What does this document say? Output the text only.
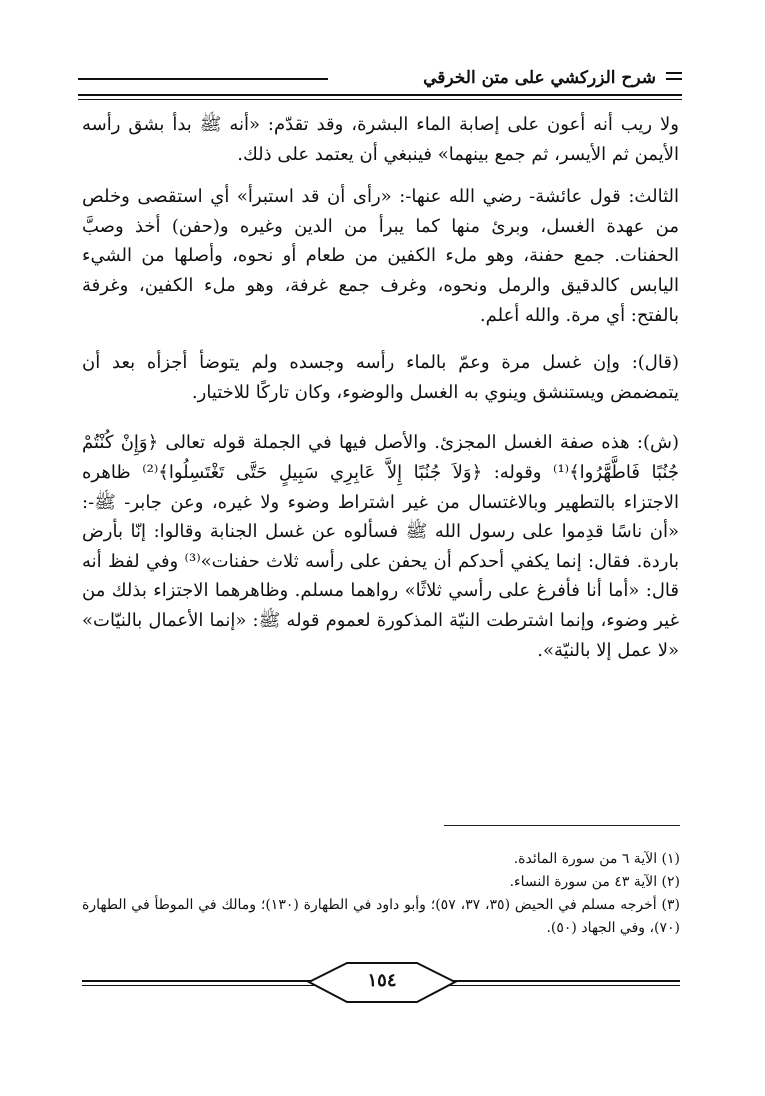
شرح الزركشي على متن الخرقي

ولا ريب أنه أعون على إصابة الماء البشرة، وقد تقدّم: «أنه ﷺ بدأ بشق رأسه الأيمن ثم الأيسر، ثم جمع بينهما» فينبغي أن يعتمد على ذلك.

الثالث: قول عائشة- رضي الله عنها-: «رأى أن قد استبرأ» أي استقصى وخلص من عهدة الغسل، وبرئ منها كما يبرأ من الدين وغيره و(حفن) أخذ وصبَّ الحفنات. جمع حفنة، وهو ملء الكفين من طعام أو نحوه، وأصلها من الشيء اليابس كالدقيق والرمل ونحوه، وغرف جمع غرفة، وهو ملء الكفين، وغرفة بالفتح: أي مرة. والله أعلم.

(قال): وإن غسل مرة وعمّ بالماء رأسه وجسده ولم يتوضأ أجزأه بعد أن يتمضمض ويستنشق وينوي به الغسل والوضوء، وكان تاركًا للاختيار.

(ش): هذه صفة الغسل المجزئ. والأصل فيها في الجملة قوله تعالى ﴿وَإِنْ كُنْتُمْ جُنُبًا فَاطَّهَّرُوا﴾⁽¹⁾ وقوله: ﴿وَلاَ جُنُبًا إِلاَّ عَابِرِي سَبِيلٍ حَتَّى تَغْتَسِلُوا﴾⁽²⁾ ظاهره الاجتزاء بالتطهير وبالاغتسال من غير اشتراط وضوء ولا غيره، وعن جابر- ﷺ-: «أن ناسًا قدِموا على رسول الله ﷺ فسألوه عن غسل الجنابة وقالوا: إنّا بأرض باردة. فقال: إنما يكفي أحدكم أن يحفن على رأسه ثلاث حفنات»⁽³⁾ وفي لفظ أنه قال: «أما أنا فأفرغ على رأسي ثلاثًا» رواهما مسلم. وظاهرهما الاجتزاء بذلك من غير وضوء، وإنما اشترطت النيّة المذكورة لعموم قوله ﷺ: «إنما الأعمال بالنيّات» «لا عمل إلا بالنيّة».

(١) الآية ٦ من سورة المائدة.

(٢) الآية ٤٣ من سورة النساء.

(٣) أخرجه مسلم في الحيض (٣٥، ٣٧، ٥٧)؛ وأبو داود في الطهارة (١٣٠)؛ ومالك في الموطأ في الطهارة (٧٠)، وفي الجهاد (٥٠).

١٥٤
